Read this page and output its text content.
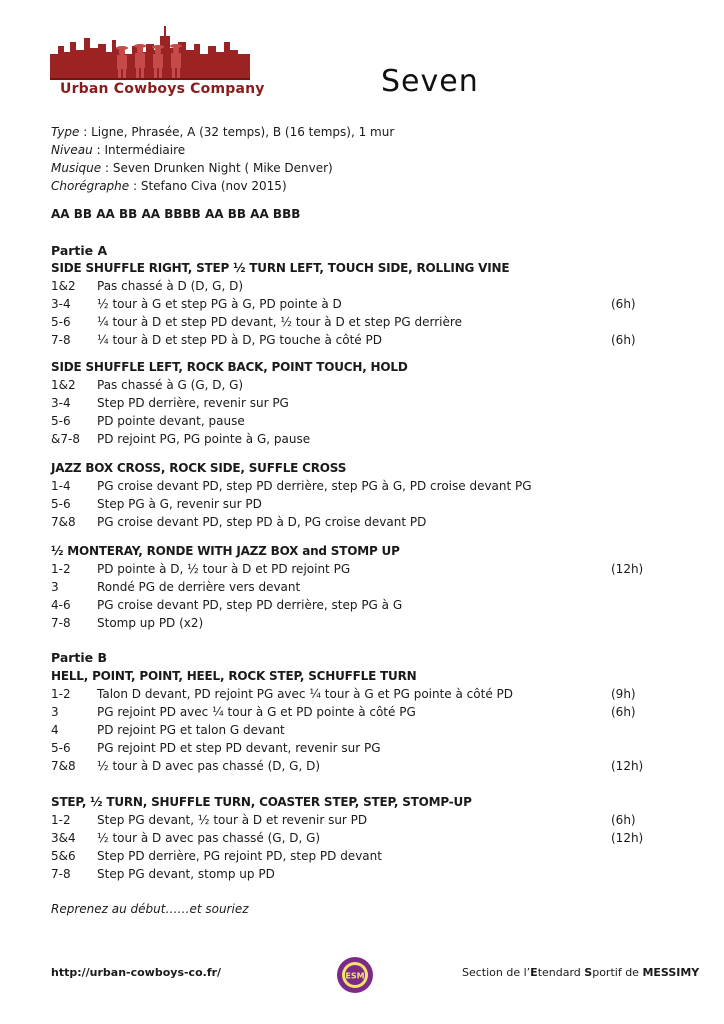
Urban Cowboys Company	Seven
Type : Ligne, Phrasée, A (32 temps), B (16 temps), 1 mur
Niveau : Intermédiaire
Musique : Seven Drunken Night ( Mike Denver)
Chorégraphe : Stefano Civa (nov 2015)
AA BB AA BB AA BBBB AA BB AA BBB
Partie A
SIDE SHUFFLE RIGHT, STEP ½ TURN LEFT, TOUCH SIDE, ROLLING VINE
1&2 Pas chassé à D (D, G, D)
3-4 ½ tour à G et step PG à G, PD pointe à D	(6h)
5-6 ¼ tour à D et step PD devant, ½ tour à D et step PG derrière
7-8 ¼ tour à D et step PD à D, PG touche à côté PD	(6h)
SIDE SHUFFLE LEFT, ROCK BACK, POINT TOUCH, HOLD
1&2 Pas chassé à G (G, D, G)
3-4 Step PD derrière, revenir sur PG
5-6 PD pointe devant, pause
&7-8 PD rejoint PG, PG pointe à G, pause
JAZZ BOX CROSS, ROCK SIDE, SUFFLE CROSS
1-4 PG croise devant PD, step PD derrière, step PG à G, PD croise devant PG
5-6 Step PG à G, revenir sur PD
7&8 PG croise devant PD, step PD à D, PG croise devant PD
½ MONTERAY, RONDE WITH JAZZ BOX and STOMP UP
1-2 PD pointe à D, ½ tour à D et PD rejoint PG	(12h)
3	Rondé PG de derrière vers devant
4-6 PG croise devant PD, step PD derrière, step PG à G
7-8 Stomp up PD (x2)
Partie B
HELL, POINT, POINT, HEEL, ROCK STEP, SCHUFFLE TURN
1-2 Talon D devant, PD rejoint PG avec ¼ tour à G et PG pointe à côté PD	(9h)
3	PG rejoint PD avec ¼ tour à G et PD pointe à côté PG	(6h)
4	PD rejoint PG et talon G devant
5-6 PG rejoint PD et step PD devant, revenir sur PG
7&8 ½ tour à D avec pas chassé (D, G, D)	(12h)
STEP, ½ TURN, SHUFFLE TURN, COASTER STEP, STEP, STOMP-UP
1-2 Step PG devant, ½ tour à D et revenir sur PD	(6h)
3&4 ½ tour à D avec pas chassé (G, D, G)	(12h)
5&6 Step PD derrière, PG rejoint PD, step PD devant
7-8 Step PG devant, stomp up PD
Reprenez au début……et souriez
http://urban-cowboys-co.fr/	ESM	Section de l’Etendard Sportif de MESSIMY
